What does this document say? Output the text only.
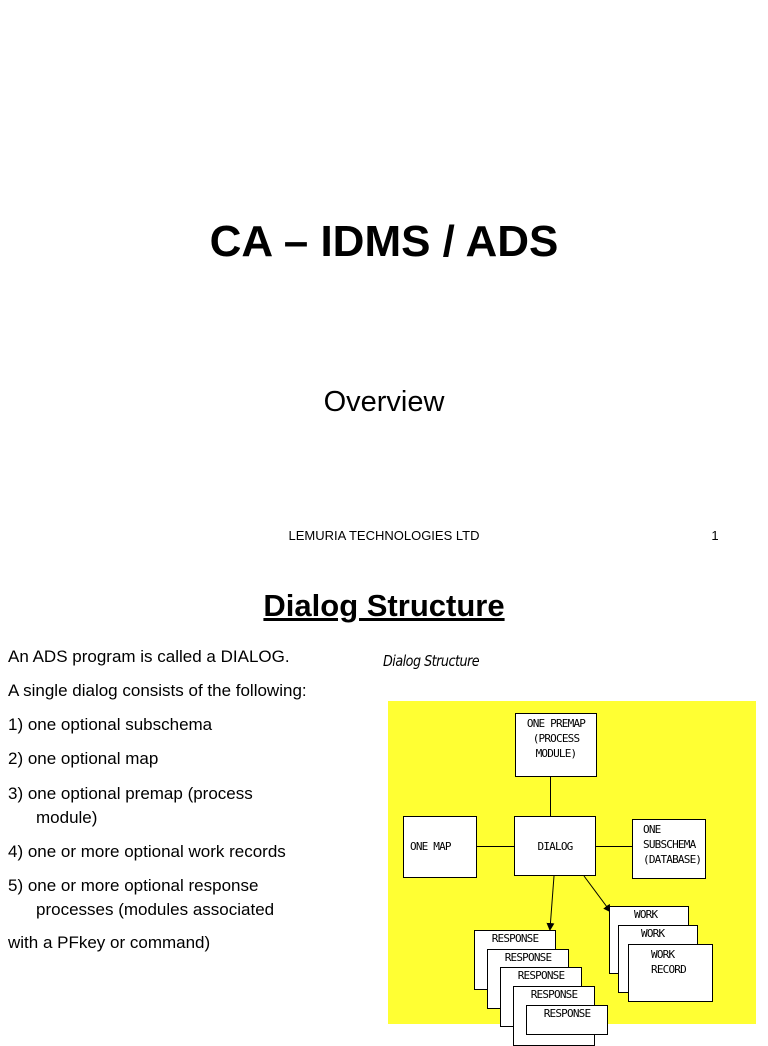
CA – IDMS / ADS
Overview
LEMURIA TECHNOLOGIES LTD	1
Dialog Structure
An ADS program is called a DIALOG.
A single dialog consists of the following:
1) one optional subschema
2) one optional map
3) one optional premap (process
module)
4) one or more optional work records
5) one or more optional response
processes (modules associated
with a PFkey or command)
Dialog Structure
ONE PREMAP
(PROCESS
MODULE)
ONE MAP	DIALOG
ONE
SUBSCHEMA
(DATABASE)
WORK
WORK
WORK
RECORD
RESPONSE
RESPONSE
RESPONSE
RESPONSE
RESPONSE
